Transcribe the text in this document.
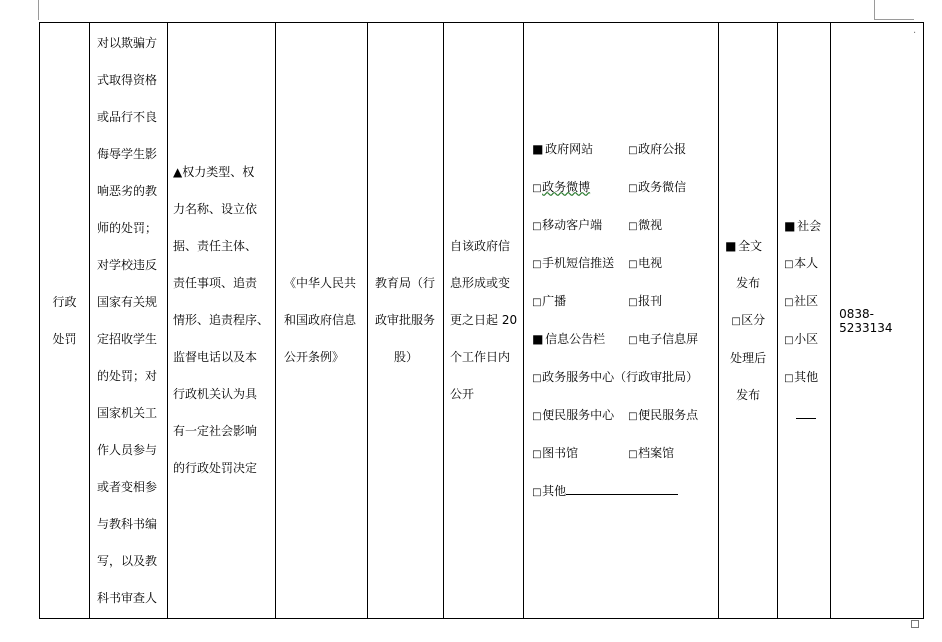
行政处罚

对以欺骗方
式取得资格
或品行不良
侮辱学生影
响恶劣的教
师的处罚；
对学校违反
国家有关规
定招收学生
的处罚；对
国家机关工
作人员参与
或者变相参
与教科书编
写，以及教
科书审查人

▲权力类型、权
力名称、设立依
据、责任主体、
责任事项、追责
情形、追责程序、
监督电话以及本
行政机关认为具
有一定社会影响
的行政处罚决定

《中华人民共
和国政府信息
公开条例》

教育局（行
政审批服务
股）

自该政府信
息形成或变
更之日起 20
个工作日内
公开

■ 政府网站	□政府公报
□政务微博	□政务微信
□移动客户端	□微视
□手机短信推送 □电视
□广播	□报刊
■ 信息公告栏 □电子信息屏
□政务服务中心（行政审批局）
□便民服务中心 □便民服务点
□图书馆	□档案馆
□其他

■ 全文
发布
□区分
处理后
发布

■ 社会
□本人
□社区
□小区
□其他
	0838-5233134
·
